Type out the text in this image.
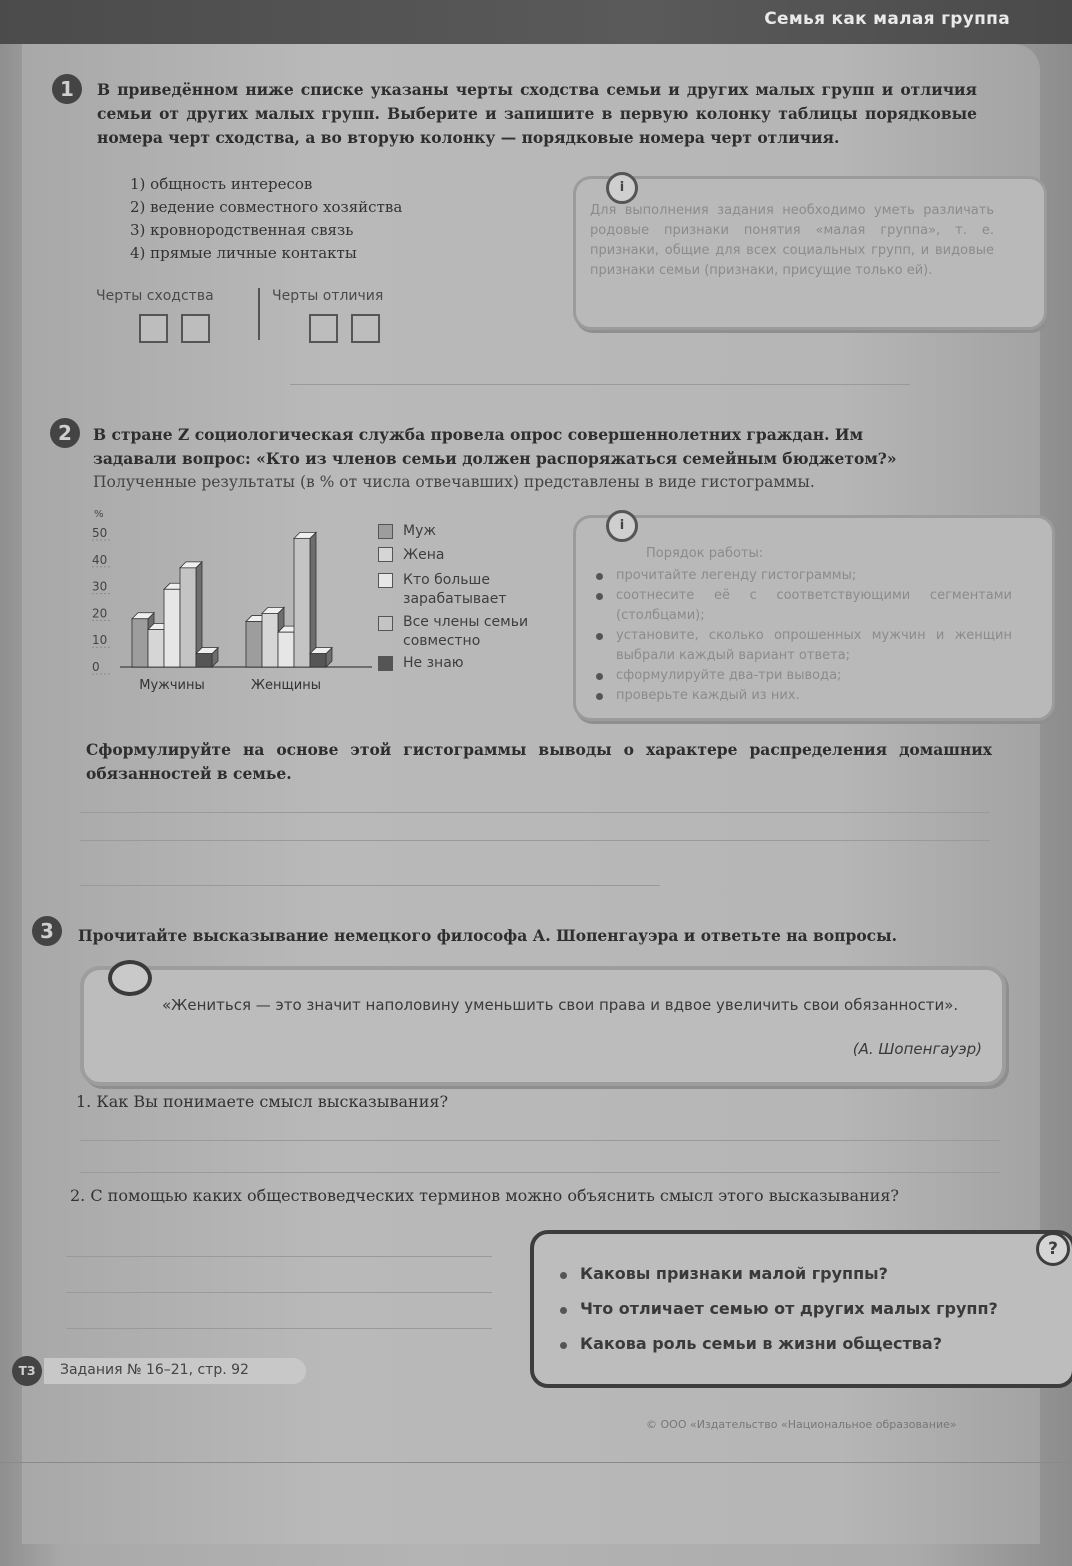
Семья как малая группа
1	В приведённом ниже списке указаны черты сходства семьи и других малых групп и отличия семьи от других малых групп. Выберите и запишите в первую колонку таблицы порядковые номера черт сходства, а во вторую колонку — порядковые номера черт отличия.
1) общность интересов
2) ведение совместного хозяйства
3) кровнородственная связь
4) прямые личные контакты
Черты сходства	Черты отличия
i
Для выполнения задания необходимо уметь различать родовые признаки понятия «малая группа», т. е. признаки, общие для всех социальных групп, и видовые признаки семьи (признаки, присущие только ей).
2	В стране Z социологическая служба провела опрос совершеннолетних граждан. Им
задавали вопрос: «Кто из членов семьи должен распоряжаться семейным бюджетом?»
Полученные результаты (в % от числа отвечавших) представлены в виде гистограммы.
%
50
40
30
20
10
0
Мужчины	Женщины
Муж
Жена
Кто больше
зарабатывает
Все члены семьи
совместно
Не знаю
i
Порядок работы:
прочитайте легенду гистограммы;
соотнесите её с соответствующими сегментами (столбцами);
установите, сколько опрошенных мужчин и женщин выбрали каждый вариант ответа;
сформулируйте два-три вывода;
проверьте каждый из них.
Сформулируйте на основе этой гистограммы выводы о характере распределения домашних обязанностей в семье.
3	Прочитайте высказывание немецкого философа А. Шопенгауэра и ответьте на вопросы.
«Жениться — это значит наполовину уменьшить свои права и вдвое увеличить свои обязанности».
(А. Шопенгауэр)
1. Как Вы понимаете смысл высказывания?
2. С помощью каких обществоведческих терминов можно объяснить смысл этого высказывания?
?
Каковы признаки малой группы?
Что отличает семью от других малых групп?
Какова роль семьи в жизни общества?
ТЗ	Задания № 16–21, стр. 92
© ООО «Издательство «Национальное образование»
